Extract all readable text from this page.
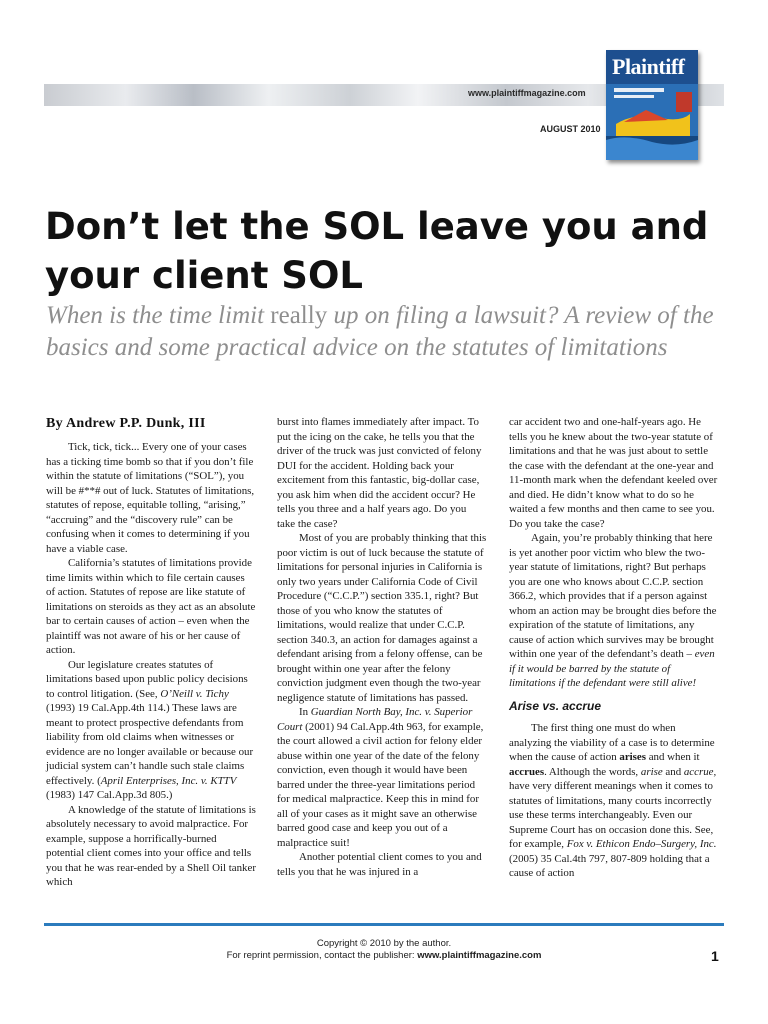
www.plaintiffmagazine.com
AUGUST 2010
Plaintiff
Don’t let the SOL leave you and your client SOL
When is the time limit really up on filing a lawsuit? A review of the basics and some practical advice on the statutes of limitations
By Andrew P.P. Dunk, III

Tick, tick, tick... Every one of your cases has a ticking time bomb so that if you don’t file within the statute of limitations (“SOL”), you will be #**# out of luck. Statutes of limitations, statutes of repose, equitable tolling, “arising,” “accruing” and the “discovery rule” can be confusing when it comes to determining if you have a viable case.

California’s statutes of limitations provide time limits within which to file certain causes of action. Statutes of repose are like statute of limitations on steroids as they act as an absolute bar to certain causes of action – even when the plaintiff was not aware of his or her cause of action.

Our legislature creates statutes of limitations based upon public policy decisions to control litigation. (See, O’Neill v. Tichy (1993) 19 Cal.App.4th 114.) These laws are meant to protect prospective defendants from liability from old claims when witnesses or evidence are no longer available or because our judicial system can’t handle such stale claims effectively. (April Enterprises, Inc. v. KTTV (1983) 147 Cal.App.3d 805.)

A knowledge of the statute of limitations is absolutely necessary to avoid malpractice. For example, suppose a horrifically-burned potential client comes into your office and tells you that he was rear-ended by a Shell Oil tanker which

burst into flames immediately after impact. To put the icing on the cake, he tells you that the driver of the truck was just convicted of felony DUI for the accident. Holding back your excitement from this fantastic, big-dollar case, you ask him when did the accident occur? He tells you three and a half years ago. Do you take the case?

Most of you are probably thinking that this poor victim is out of luck because the statute of limitations for personal injuries in California is only two years under California Code of Civil Procedure (“C.C.P.”) section 335.1, right? But those of you who know the statutes of limitations, would realize that under C.C.P. section 340.3, an action for damages against a defendant arising from a felony offense, can be brought within one year after the felony conviction judgment even though the two-year negligence statute of limitations has passed.

In Guardian North Bay, Inc. v. Superior Court (2001) 94 Cal.App.4th 963, for example, the court allowed a civil action for felony elder abuse within one year of the date of the felony conviction, even though it would have been barred under the three-year limitations period for medical malpractice. Keep this in mind for all of your cases as it might save an otherwise barred good case and keep you out of a malpractice suit!

Another potential client comes to you and tells you that he was injured in a

car accident two and one-half-years ago. He tells you he knew about the two-year statute of limitations and that he was just about to settle the case with the defendant at the one-year and 11-month mark when the defendant keeled over and died. He didn’t know what to do so he waited a few months and then came to see you. Do you take the case?

Again, you’re probably thinking that here is yet another poor victim who blew the two-year statute of limitations, right? But perhaps you are one who knows about C.C.P. section 366.2, which provides that if a person against whom an action may be brought dies before the expiration of the statute of limitations, any cause of action which survives may be brought within one year of the defendant’s death – even if it would be barred by the statute of limitations if the defendant were still alive!

Arise vs. accrue

The first thing one must do when analyzing the viability of a case is to determine when the cause of action arises and when it accrues. Although the words, arise and accrue, have very different meanings when it comes to statutes of limitations, many courts incorrectly use these terms interchangeably. Even our Supreme Court has on occasion done this. See, for example, Fox v. Ethicon Endo–Surgery, Inc. (2005) 35 Cal.4th 797, 807-809 holding that a cause of action

Copyright © 2010 by the author.
For reprint permission, contact the publisher: www.plaintiffmagazine.com	1
